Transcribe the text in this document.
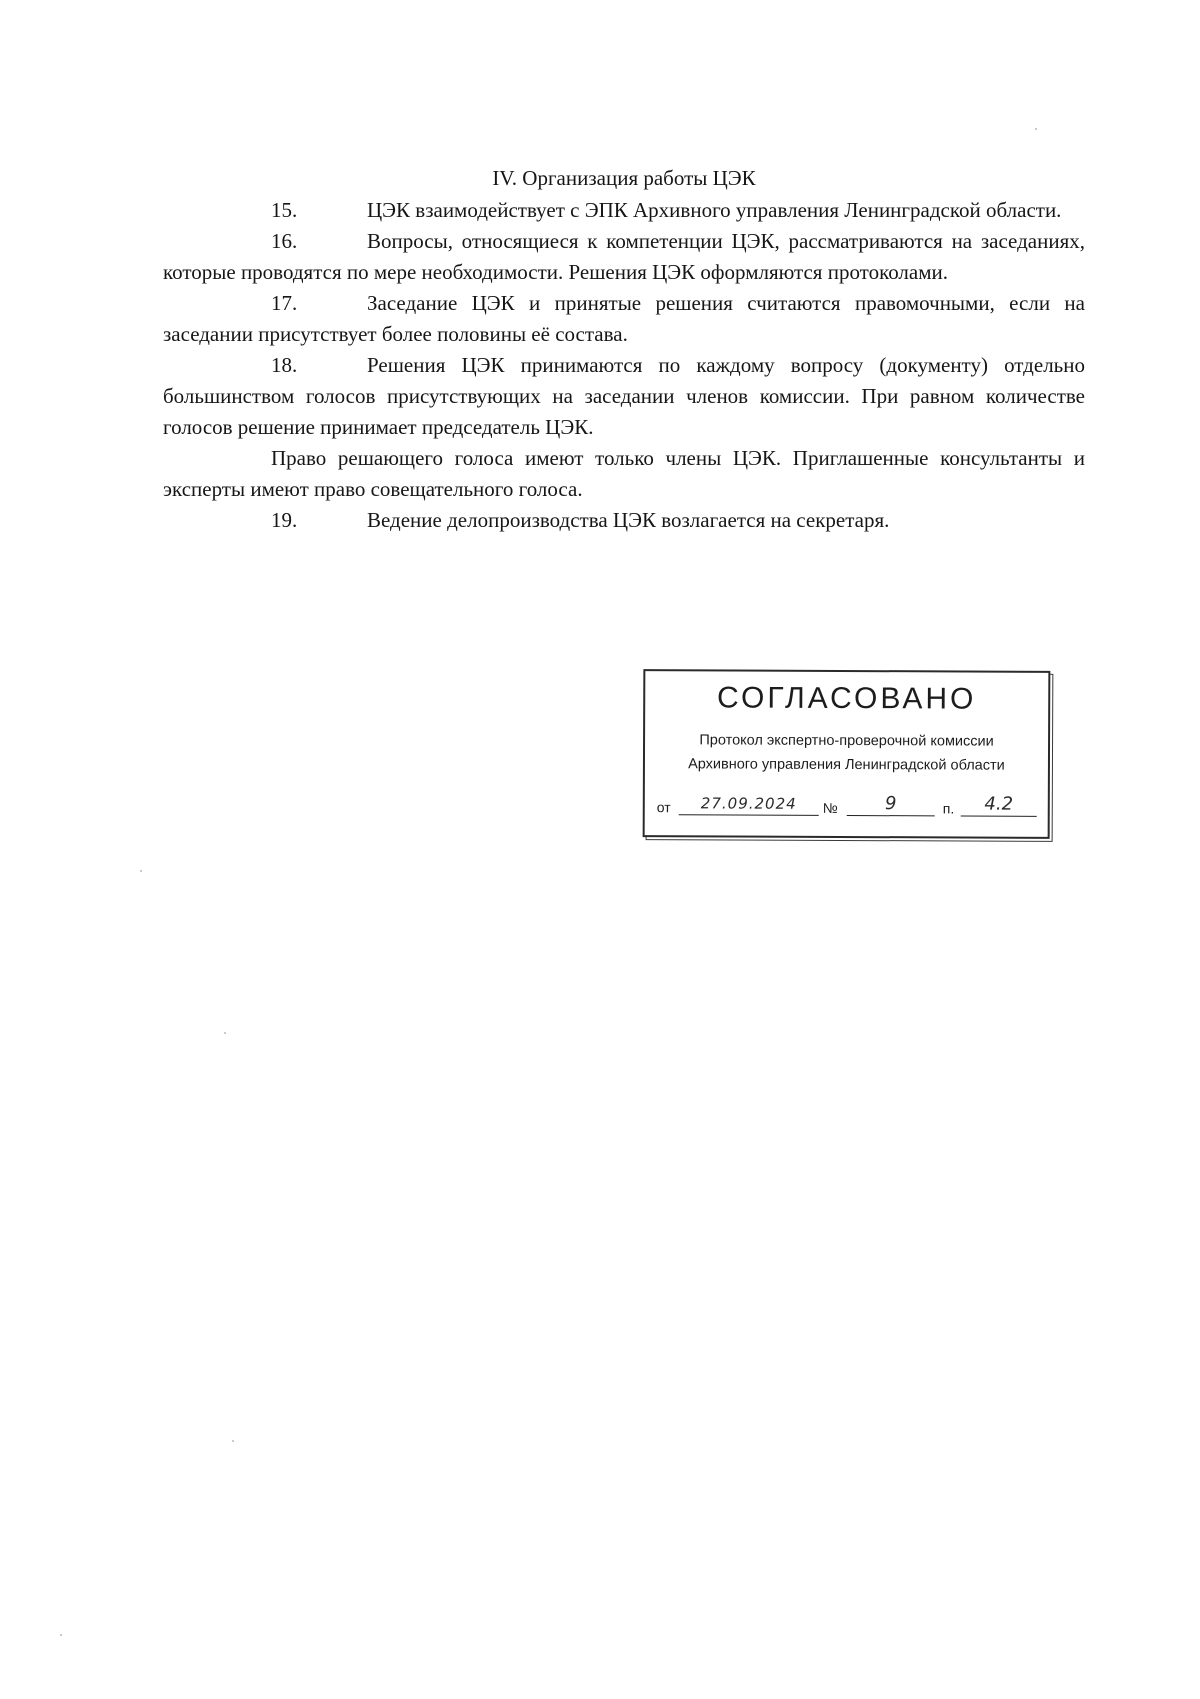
IV. Организация работы ЦЭК

15.	ЦЭК взаимодействует с ЭПК Архивного управления Ленинградской области.

16.	Вопросы, относящиеся к компетенции ЦЭК, рассматриваются на заседаниях, которые проводятся по мере необходимости. Решения ЦЭК оформляются протоколами.

17.	Заседание ЦЭК и принятые решения считаются правомочными, если на заседании присутствует более половины её состава.

18.	Решения ЦЭК принимаются по каждому вопросу (документу) отдельно большинством голосов присутствующих на заседании членов комиссии. При равном количестве голосов решение принимает председатель ЦЭК.

Право решающего голоса имеют только члены ЦЭК. Приглашенные консультанты и эксперты имеют право совещательного голоса.

19.	Ведение делопроизводства ЦЭК возлагается на секретаря.

СОГЛАСОВАНО
Протокол экспертно-проверочной комиссии
Архивного управления Ленинградской области
от	27.09.2024	№	9	п.	4.2
